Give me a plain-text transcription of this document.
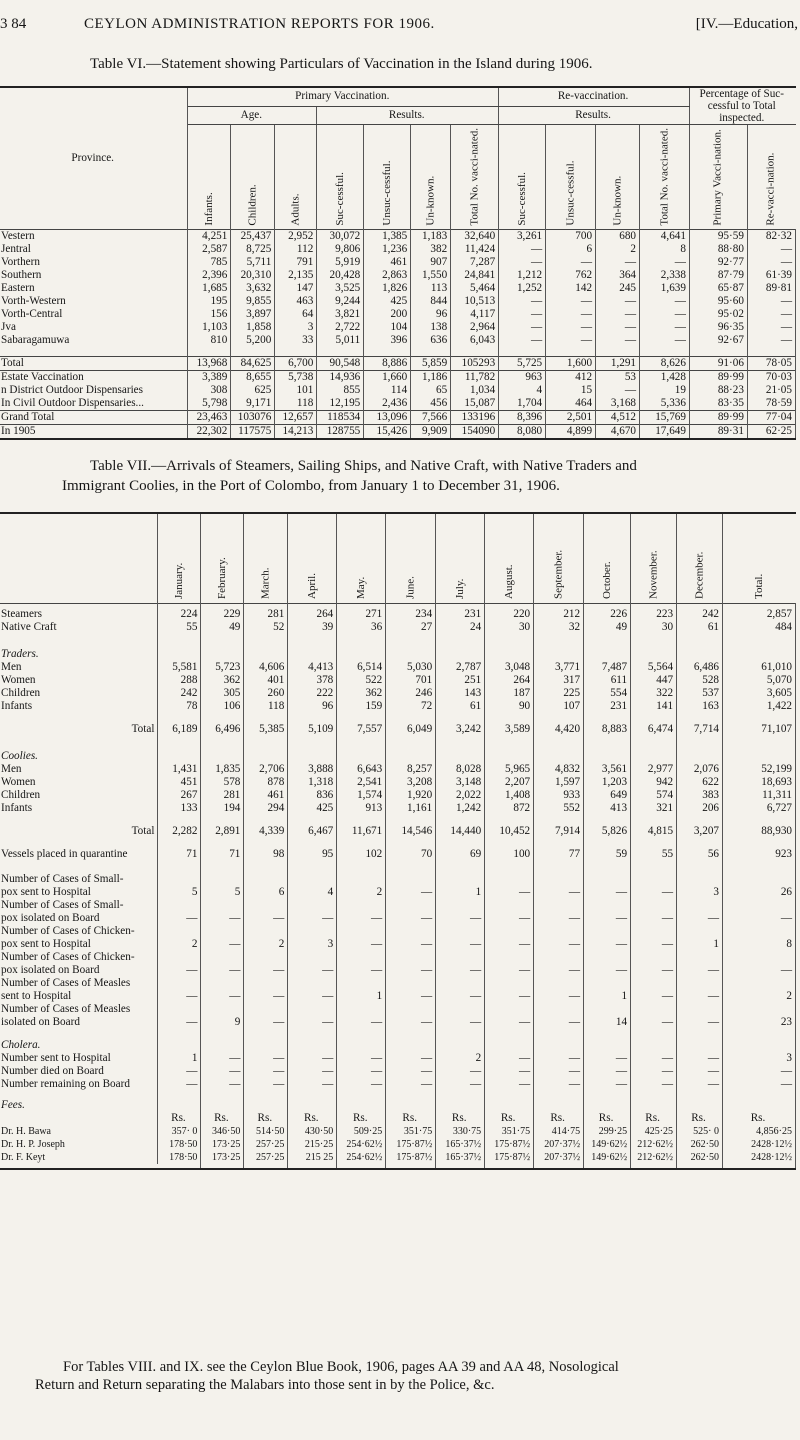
3 84	CEYLON ADMINISTRATION REPORTS FOR 1906.	[IV.—Education,
Table VI.—Statement showing Particulars of Vaccination in the Island during 1906.
Province.	Primary Vaccination.							Re-vaccination.				Percentage of Suc-
cessful to Total
inspected.	

	Age.			Results.				Results.					
	Infants.	Children.	Adults.	Suc-cessful.	Unsuc-cessful.	Un-known.	Total No. vacci-nated.	Suc-cessful.	Unsuc-cessful.	Un-known.	Total No. vacci-nated.	Primary Vacci-nation.	Re-vacci-nation.
Vestern	4,251	25,437	2,952	30,072	1,385	1,183	32,640	3,261	700	680	4,641	95·59	82·32
Jentral	2,587	8,725	112	9,806	1,236	382	11,424	—	6	2	8	88·80	—
Vorthern	785	5,711	791	5,919	461	907	7,287	—	—	—	—	92·77	—
Southern	2,396	20,310	2,135	20,428	2,863	1,550	24,841	1,212	762	364	2,338	87·79	61·39
Eastern	1,685	3,632	147	3,525	1,826	113	5,464	1,252	142	245	1,639	65·87	89·81
Vorth-Western	195	9,855	463	9,244	425	844	10,513	—	—	—	—	95·60	—
Vorth-Central	156	3,897	64	3,821	200	96	4,117	—	—	—	—	95·02	—
Jva	1,103	1,858	3	2,722	104	138	2,964	—	—	—	—	96·35	—
Sabaragamuwa	810	5,200	33	5,011	396	636	6,043	—	—	—	—	92·67	—

Total	13,968	84,625	6,700	90,548	8,886	5,859	105293	5,725	1,600	1,291	8,626	91·06	78·05
Estate Vaccination	3,389	8,655	5,738	14,936	1,660	1,186	11,782	963	412	53	1,428	89·99	70·03
n District Outdoor Dispensaries	308	625	101	855	114	65	1,034	4	15	—	19	88·23	21·05
In Civil Outdoor Dispensaries...	5,798	9,171	118	12,195	2,436	456	15,087	1,704	464	3,168	5,336	83·35	78·59
Grand Total	23,463	103076	12,657	118534	13,096	7,566	133196	8,396	2,501	4,512	15,769	89·99	77·04
In 1905	22,302	117575	14,213	128755	15,426	9,909	154090	8,080	4,899	4,670	17,649	89·31	62·25
Table VII.—Arrivals of Steamers, Sailing Ships, and Native Craft, with Native Traders and
Immigrant Coolies, in the Port of Colombo, from January 1 to December 31, 1906.
	January.	February.	March.	April.	May.	June.	July.	August.	September.	October.	November.	December.	Total.

Steamers	224	229	281	264	271	234	231	220	212	226	223	242	2,857
Native Craft	55	49	52	39	36	27	24	30	32	49	30	61	484

Traders.													
Men	5,581	5,723	4,606	4,413	6,514	5,030	2,787	3,048	3,771	7,487	5,564	6,486	61,010
Women	288	362	401	378	522	701	251	264	317	611	447	528	5,070
Children	242	305	260	222	362	246	143	187	225	554	322	537	3,605
Infants	78	106	118	96	159	72	61	90	107	231	141	163	1,422

Total	6,189	6,496	5,385	5,109	7,557	6,049	3,242	3,589	4,420	8,883	6,474	7,714	71,107

Coolies.													
Men	1,431	1,835	2,706	3,888	6,643	8,257	8,028	5,965	4,832	3,561	2,977	2,076	52,199
Women	451	578	878	1,318	2,541	3,208	3,148	2,207	1,597	1,203	942	622	18,693
Children	267	281	461	836	1,574	1,920	2,022	1,408	933	649	574	383	11,311
Infants	133	194	294	425	913	1,161	1,242	872	552	413	321	206	6,727

Total	2,282	2,891	4,339	6,467	11,671	14,546	14,440	10,452	7,914	5,826	4,815	3,207	88,930

Vessels placed in quarantine	71	71	98	95	102	70	69	100	77	59	55	56	923

Number of Cases of Small-													
pox sent to Hospital	5	5	6	4	2	—	1	—	—	—	—	3	26
Number of Cases of Small-													
pox isolated on Board	—	—	—	—	—	—	—	—	—	—	—	—	—
Number of Cases of Chicken-													
pox sent to Hospital	2	—	2	3	—	—	—	—	—	—	—	1	8
Number of Cases of Chicken-													
pox isolated on Board	—	—	—	—	—	—	—	—	—	—	—	—	—
Number of Cases of Measles													
sent to Hospital	—	—	—	—	1	—	—	—	—	1	—	—	2
Number of Cases of Measles													
isolated on Board	—	9	—	—	—	—	—	—	—	14	—	—	23

Cholera.													
Number sent to Hospital	1	—	—	—	—	—	2	—	—	—	—	—	3
Number died on Board	—	—	—	—	—	—	—	—	—	—	—	—	—
Number remaining on Board	—	—	—	—	—	—	—	—	—	—	—	—	—

Fees.													
	Rs.	Rs.	Rs.	Rs.	Rs.	Rs.	Rs.	Rs.	Rs.	Rs.	Rs.	Rs.	Rs.
Dr. H. Bawa	357· 0	346·50	514·50	430·50	509·25	351·75	330·75	351·75	414·75	299·25	425·25	525· 0	4,856·25
Dr. H. P. Joseph	178·50	173·25	257·25	215·25	254·62½	175·87½	165·37½	175·87½	207·37½	149·62½	212·62½	262·50	2428·12½
Dr. F. Keyt	178·50	173·25	257·25	215 25	254·62½	175·87½	165·37½	175·87½	207·37½	149·62½	212·62½	262·50	2428·12½

For Tables VIII. and IX. see the Ceylon Blue Book, 1906, pages AA 39 and AA 48, Nosological
Return and Return separating the Malabars into those sent in by the Police, &c.
